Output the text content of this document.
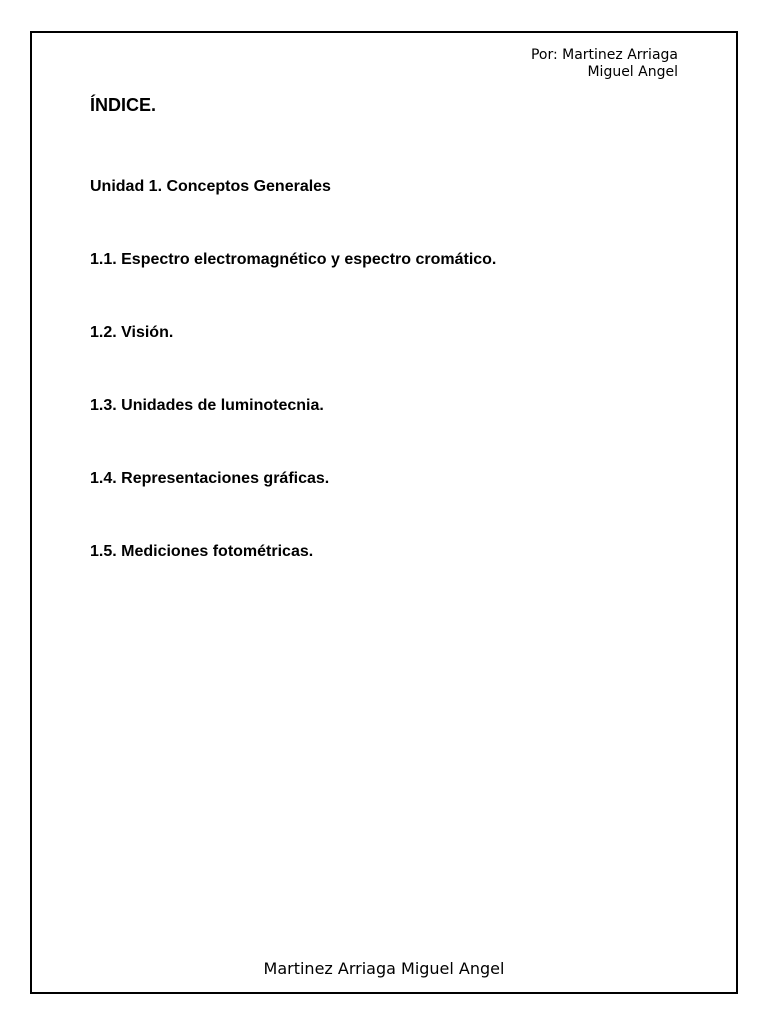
Por: Martinez Arriaga
Miguel Angel
ÍNDICE.
Unidad 1. Conceptos Generales
1.1. Espectro electromagnético y espectro cromático.
1.2. Visión.
1.3. Unidades de luminotecnia.
1.4. Representaciones gráficas.
1.5. Mediciones fotométricas.
Martinez Arriaga Miguel Angel
